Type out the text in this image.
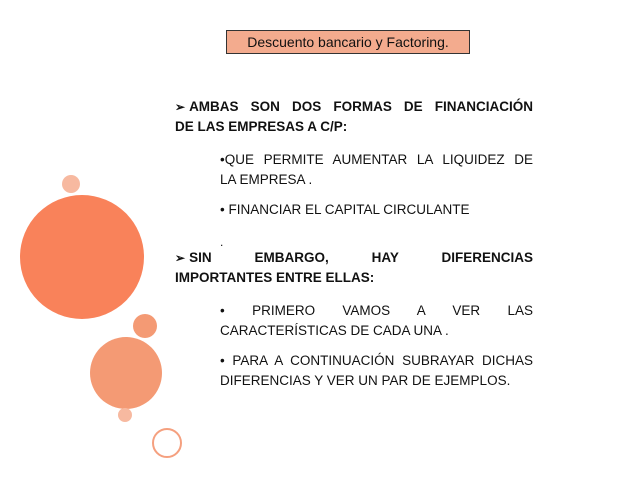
Descuento bancario y Factoring.
➢ AMBAS SON DOS FORMAS DE FINANCIACIÓN
DE LAS EMPRESAS A C/P:
•QUE PERMITE AUMENTAR LA LIQUIDEZ DE
LA EMPRESA .
• FINANCIAR EL CAPITAL CIRCULANTE
.
➢ SIN EMBARGO, HAY DIFERENCIAS
IMPORTANTES ENTRE ELLAS:
• PRIMERO VAMOS A VER LAS
CARACTERÍSTICAS DE CADA UNA .
• PARA A CONTINUACIÓN SUBRAYAR DICHAS
DIFERENCIAS Y VER UN PAR DE EJEMPLOS.
